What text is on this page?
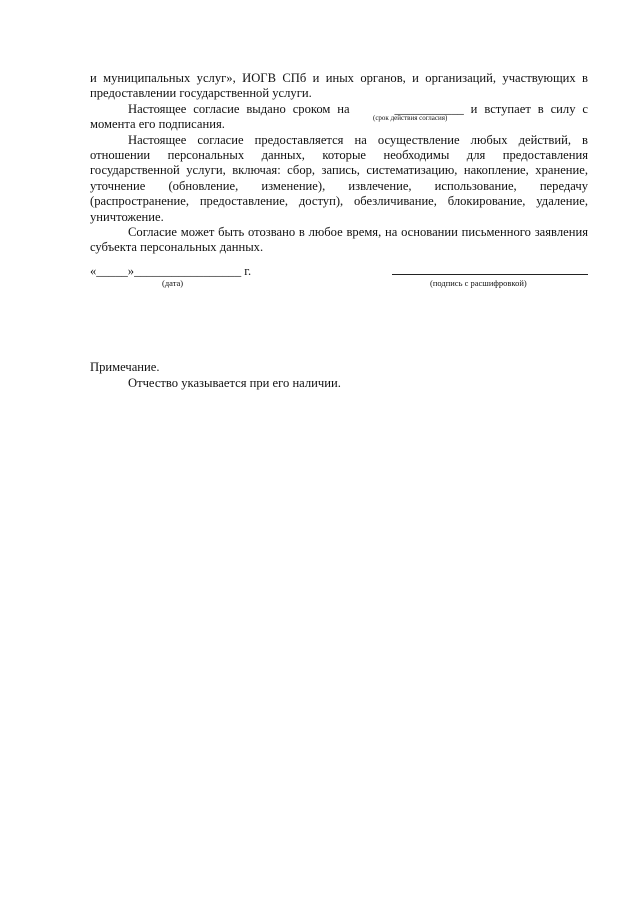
и муниципальных услуг», ИОГВ СПб и иных органов, и организаций, участвующих в предоставлении государственной услуги.

Настоящее согласие выдано сроком на	___________
(срок действия согласия)
и вступает в силу с момента его подписания.

Настоящее согласие предоставляется на осуществление любых действий, в отношении персональных данных, которые необходимы для предоставления государственной услуги, включая: сбор, запись, систематизацию, накопление, хранение, уточнение (обновление, изменение), извлечение, использование, передачу (распространение, предоставление, доступ), обезличивание, блокирование, удаление, уничтожение.

Согласие может быть отозвано в любое время, на основании письменного заявления субъекта персональных данных.

«_____»_________________ г.
(дата)	(подпись с расшифровкой)
Примечание.
Отчество указывается при его наличии.
